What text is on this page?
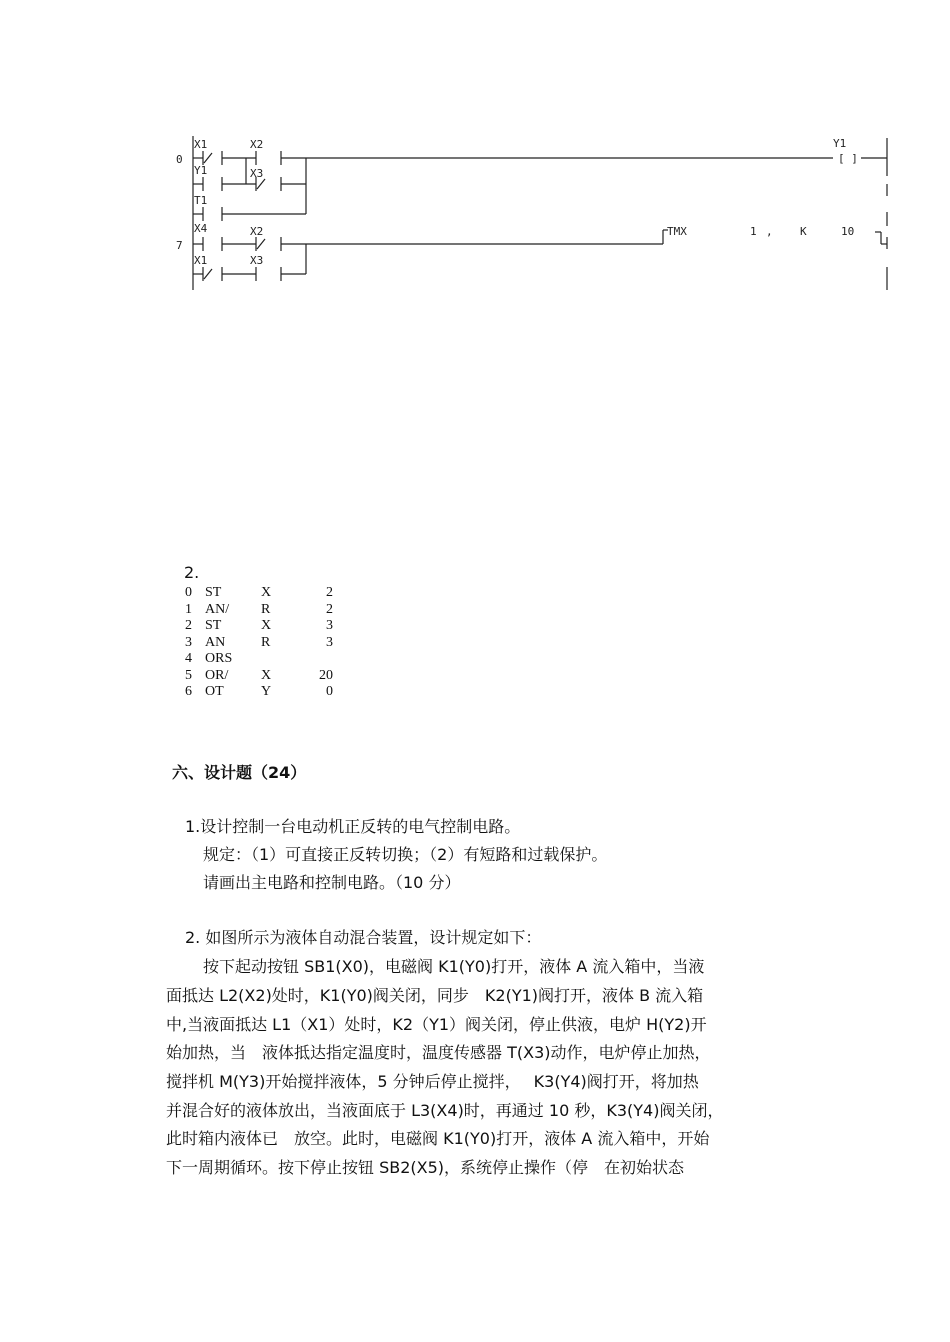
0
7
X1	X2	Y1
[ ]
Y1	X3
T1
X4	X2	TMX	1 , K	10
X1	X3
2.
0 ST	X	2
1 AN/	R	2
2 ST	X	3
3 AN	R	3
4 ORS
5 OR/	X	20
6 OT	Y	0
六、设计题（24）
1.设计控制一台电动机正反转的电气控制电路。
规定：（1）可直接正反转切换；（2）有短路和过载保护。
请画出主电路和控制电路。（10 分）
2. 如图所示为液体自动混合装置，设计规定如下：
按下起动按钮 SB1(X0)，电磁阀 K1(Y0)打开，液体 A 流入箱中，当液
面抵达 L2(X2)处时，K1(Y0)阀关闭，同步　K2(Y1)阀打开，液体 B 流入箱
中,当液面抵达 L1（X1）处时，K2（Y1）阀关闭，停止供液，电炉 H(Y2)开
始加热，当　液体抵达指定温度时，温度传感器 T(X3)动作，电炉停止加热，
搅拌机 M(Y3)开始搅拌液体，5 分钟后停止搅拌，　 K3(Y4)阀打开，将加热
并混合好的液体放出，当液面底于 L3(X4)时，再通过 10 秒，K3(Y4)阀关闭，
此时箱内液体已　放空。此时，电磁阀 K1(Y0)打开，液体 A 流入箱中，开始
下一周期循环。按下停止按钮 SB2(X5)，系统停止操作（停　在初始状态
